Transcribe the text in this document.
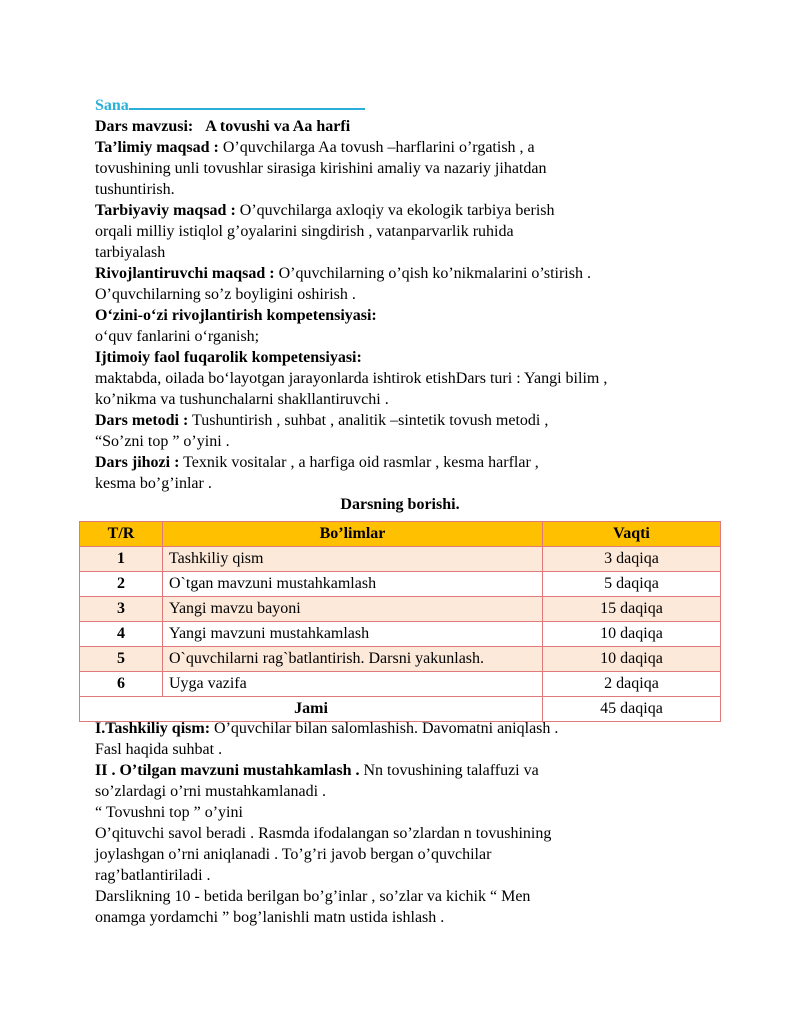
Sana

Dars mavzusi: A tovushi va Aa harfi

Ta’limiy maqsad : O’quvchilarga Aa tovush –harflarini o’rgatish , a

tovushining unli tovushlar sirasiga kirishini amaliy va nazariy jihatdan

tushuntirish.

Tarbiyaviy maqsad : O’quvchilarga axloqiy va ekologik tarbiya berish

orqali milliy istiqlol g’oyalarini singdirish , vatanparvarlik ruhida

tarbiyalash

Rivojlantiruvchi maqsad : O’quvchilarning o’qish ko’nikmalarini o’stirish .

O’quvchilarning so’z boyligini oshirish .

O‘zini-o‘zi rivojlantirish kompetensiyasi:

o‘quv fanlarini o‘rganish;

Ijtimoiy faol fuqarolik kompetensiyasi:

maktabda, oilada bo‘layotgan jarayonlarda ishtirok etishDars turi : Yangi bilim ,

ko’nikma va tushunchalarni shakllantiruvchi .

Dars metodi : Tushuntirish , suhbat , analitik –sintetik tovush metodi ,

“So’zni top ” o’yini .

Dars jihozi : Texnik vositalar , a harfiga oid rasmlar , kesma harflar ,

kesma bo’g’inlar .

Darsning borishi.

T/R	Bo’limlar	Vaqti
1	Tashkiliy qism	3 daqiqa
2	O`tgan mavzuni mustahkamlash	5 daqiqa
3	Yangi mavzu bayoni	15 daqiqa
4	Yangi mavzuni mustahkamlash	10 daqiqa
5	O`quvchilarni rag`batlantirish. Darsni yakunlash.	10 daqiqa
6	Uyga vazifa	2 daqiqa
Jami		45 daqiqa

I.Tashkiliy qism: O’quvchilar bilan salomlashish. Davomatni aniqlash .

Fasl haqida suhbat .

II . O’tilgan mavzuni mustahkamlash . Nn tovushining talaffuzi va

so’zlardagi o’rni mustahkamlanadi .

“ Tovushni top ” o’yini

O’qituvchi savol beradi . Rasmda ifodalangan so’zlardan n tovushining

joylashgan o’rni aniqlanadi . To’g’ri javob bergan o’quvchilar

rag’batlantiriladi .

Darslikning 10 - betida berilgan bo’g’inlar , so’zlar va kichik “ Men

onamga yordamchi ” bog’lanishli matn ustida ishlash .
